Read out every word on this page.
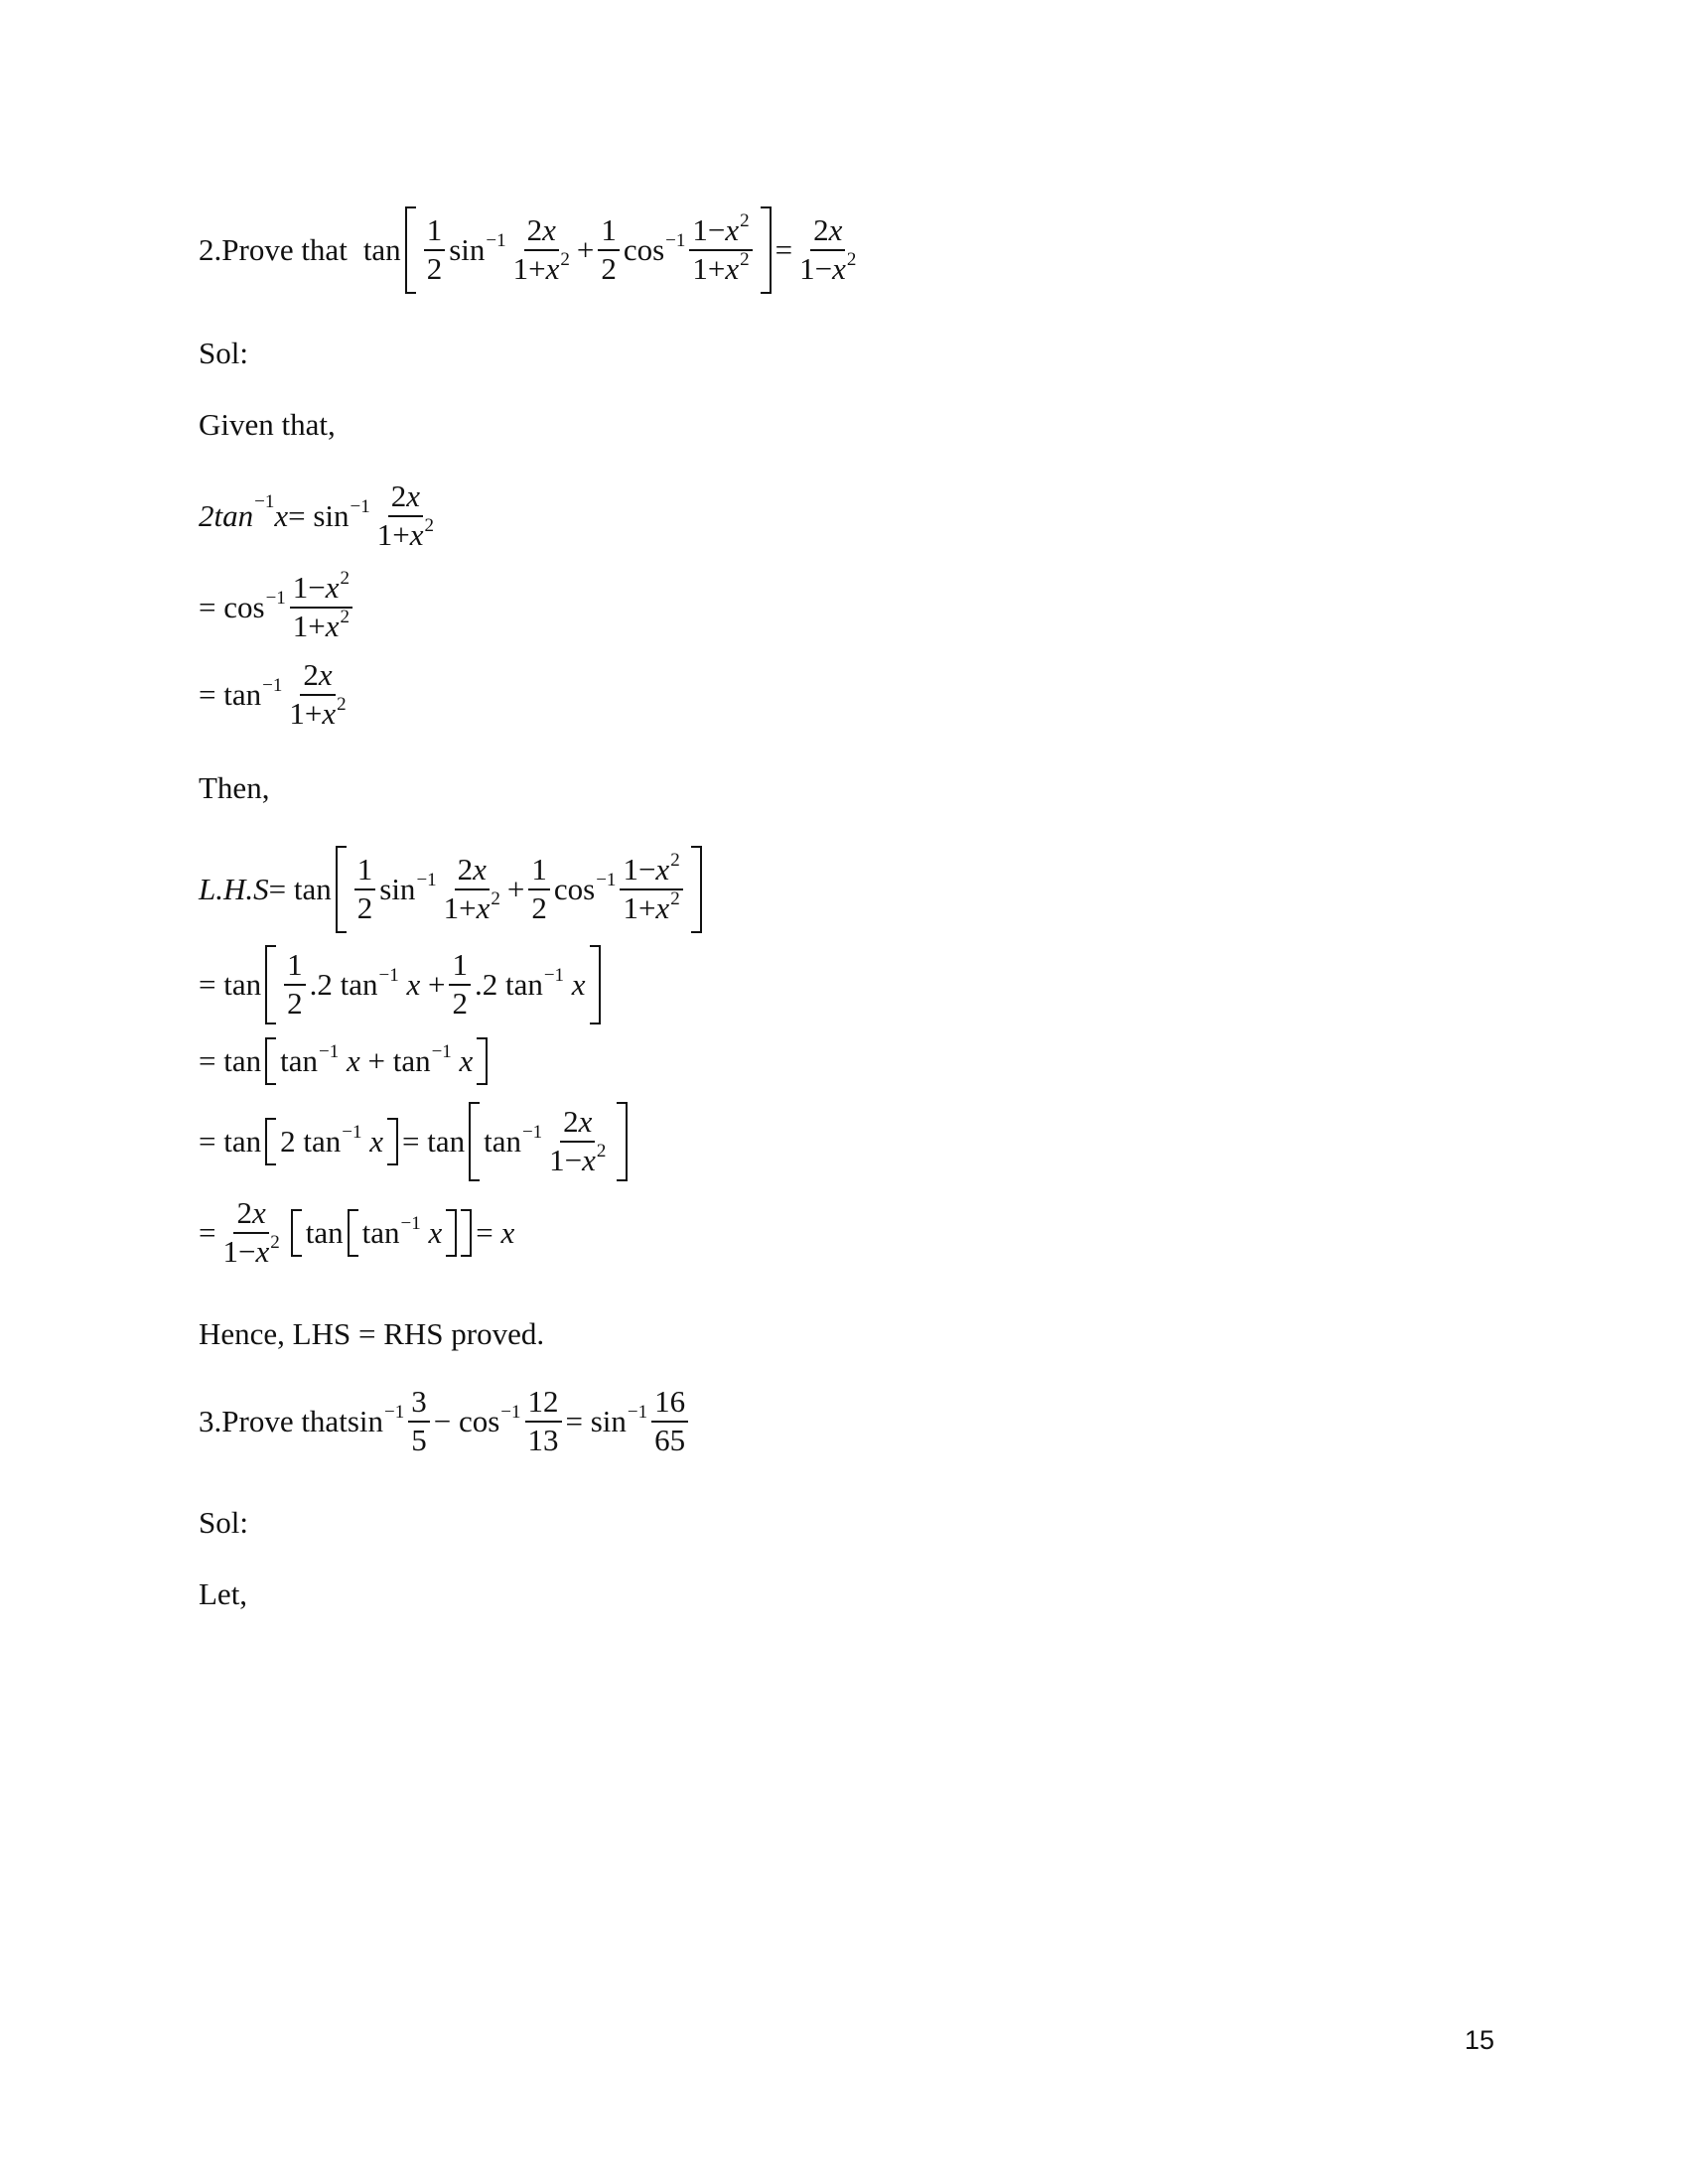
2.Prove that $\tan \frac{1}{2} \sin^{-1} \frac{2x}{1+x^2} + \frac{1}{2} \cos^{-1} \frac{1-x^2}{1+x^2} = \frac{2x}{1-x^2}$
Sol:
Given that,
$2\tan^{-1}$ $x = \sin^{-1} \frac{2x}{1+x^2}$
= $\cos^{-1} \frac{1-x^2}{1+x^2}$
= $\tan^{-1} \frac{2x}{1+x^2}$
Then,
$L.H.S = \tan \frac{1}{2} \sin^{-1} \frac{2x}{1+x^2} + \frac{1}{2} \cos^{-1} \frac{1-x^2}{1+x^2}$
= $\tan \frac{1}{2} .2$ $\tan^{-1} x + \frac{1}{2} .2$ $\tan^{-1} x$
= $\tan \tan^{-1} x + \tan^{-1} x$
= tan 2 $\tan^{-1} x = \tan \tan^{-1} \frac{2x}{1-x^2}$
= $\frac{2x}{1-x^2}$ $\tan \tan^{-1} x = x$
Hence, LHS = RHS proved.
3.Prove that $\sin^{-1} \frac{3}{5} - \cos^{-1} \frac{12}{13} = \sin^{-1} \frac{16}{65}$
Sol:
Let,
15
